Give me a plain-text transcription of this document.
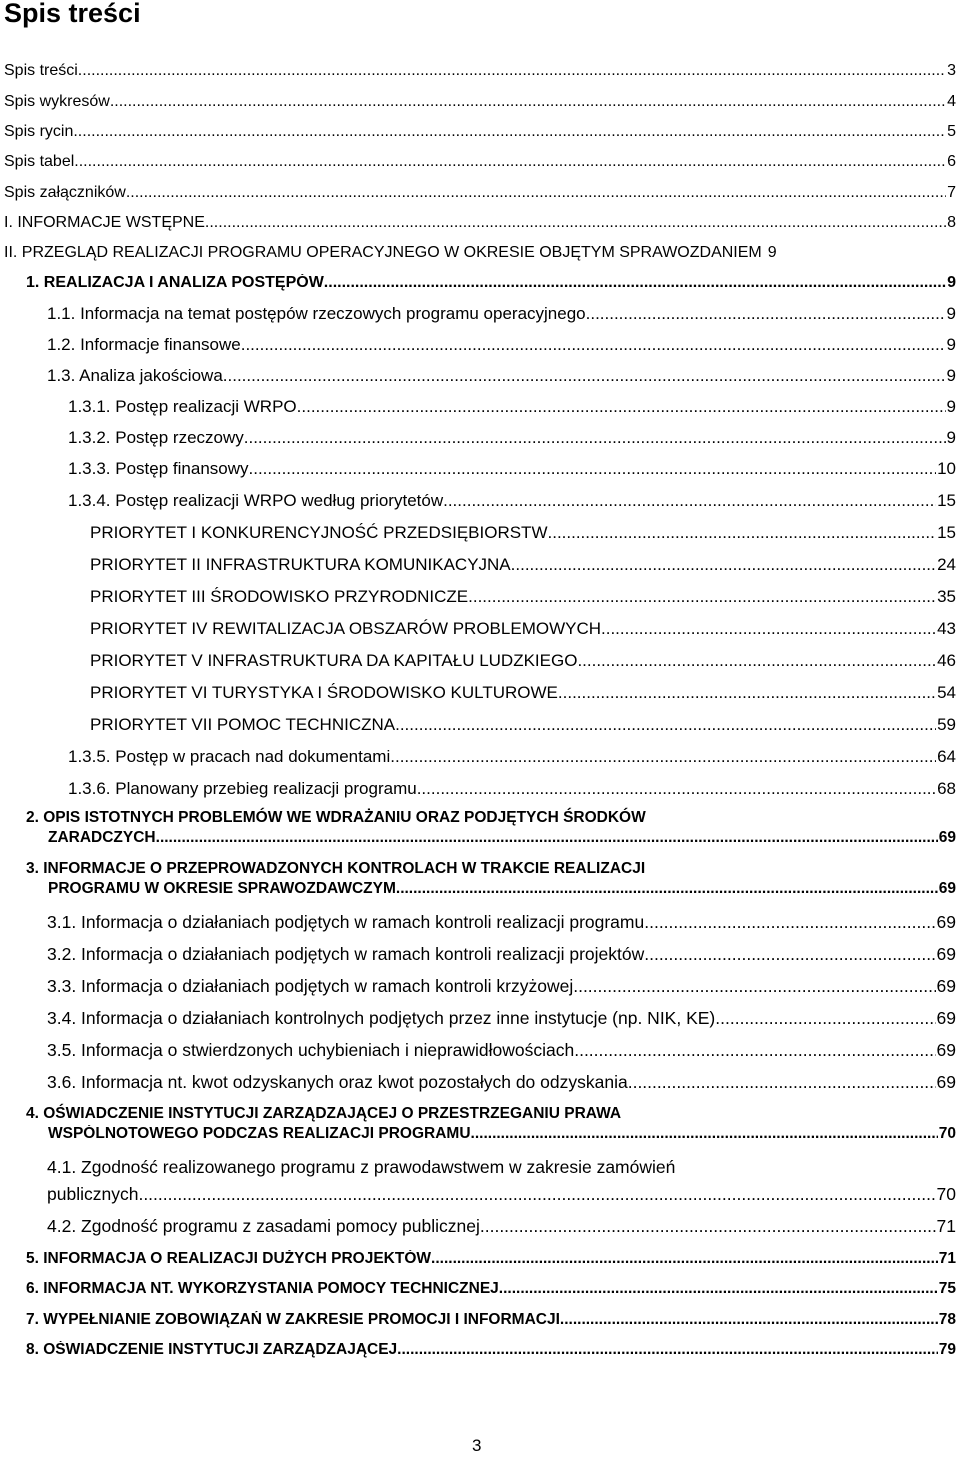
Spis treści
Spis treści .....	3
Spis wykresów .....	4
Spis rycin .....	5
Spis tabel .....	6
Spis załączników .....	7
I. INFORMACJE WSTĘPNE .....	8
II. PRZEGLĄD REALIZACJI PROGRAMU OPERACYJNEGO W OKRESIE OBJĘTYM SPRAWOZDANIEM 9
1. REALIZACJA I ANALIZA POSTĘPÓW .....	9
1.1. Informacja na temat postępów rzeczowych programu operacyjnego .....	9
1.2. Informacje finansowe .....	9
1.3. Analiza jakościowa .....	9
1.3.1. Postęp realizacji WRPO .....	9
1.3.2. Postęp rzeczowy .....	9
1.3.3. Postęp finansowy .....	10
1.3.4. Postęp realizacji WRPO według priorytetów .....	15
PRIORYTET I KONKURENCYJNOŚĆ PRZEDSIĘBIORSTW .....	15
PRIORYTET II INFRASTRUKTURA KOMUNIKACYJNA .....	24
PRIORYTET III ŚRODOWISKO PRZYRODNICZE .....	35
PRIORYTET IV REWITALIZACJA OBSZARÓW PROBLEMOWYCH .....	43
PRIORYTET V INFRASTRUKTURA DA KAPITAŁU LUDZKIEGO .....	46
PRIORYTET VI TURYSTYKA I ŚRODOWISKO KULTUROWE .....	54
PRIORYTET VII POMOC TECHNICZNA .....	59
1.3.5. Postęp w pracach nad dokumentami .....	64
1.3.6. Planowany przebieg realizacji programu .....	68
2. OPIS ISTOTNYCH PROBLEMÓW WE WDRAŻANIU ORAZ PODJĘTYCH ŚRODKÓW
ZARADCZYCH .....	69
3. INFORMACJE O PRZEPROWADZONYCH KONTROLACH W TRAKCIE REALIZACJI
PROGRAMU W OKRESIE SPRAWOZDAWCZYM .....	69
3.1. Informacja o działaniach podjętych w ramach kontroli realizacji programu .....	69
3.2. Informacja o działaniach podjętych w ramach kontroli realizacji projektów .....	69
3.3. Informacja o działaniach podjętych w ramach kontroli krzyżowej .....	69
3.4. Informacja o działaniach kontrolnych podjętych przez inne instytucje (np. NIK, KE) .....	69
3.5. Informacja o stwierdzonych uchybieniach i nieprawidłowościach .....	69
3.6. Informacja nt. kwot odzyskanych oraz kwot pozostałych do odzyskania .....	69
4. OŚWIADCZENIE INSTYTUCJI ZARZĄDZAJĄCEJ O PRZESTRZEGANIU PRAWA
WSPÓLNOTOWEGO PODCZAS REALIZACJI PROGRAMU .....	70
4.1. Zgodność realizowanego programu z prawodawstwem w zakresie zamówień
publicznych .....	70
4.2. Zgodność programu z zasadami pomocy publicznej .....	71
5. INFORMACJA O REALIZACJI DUŻYCH PROJEKTÓW .....	71
6. INFORMACJA NT. WYKORZYSTANIA POMOCY TECHNICZNEJ .....	75
7. WYPEŁNIANIE ZOBOWIĄZAŃ W ZAKRESIE PROMOCJI I INFORMACJI .....	78
8. OŚWIADCZENIE INSTYTUCJI ZARZĄDZAJĄCEJ .....	79
3
